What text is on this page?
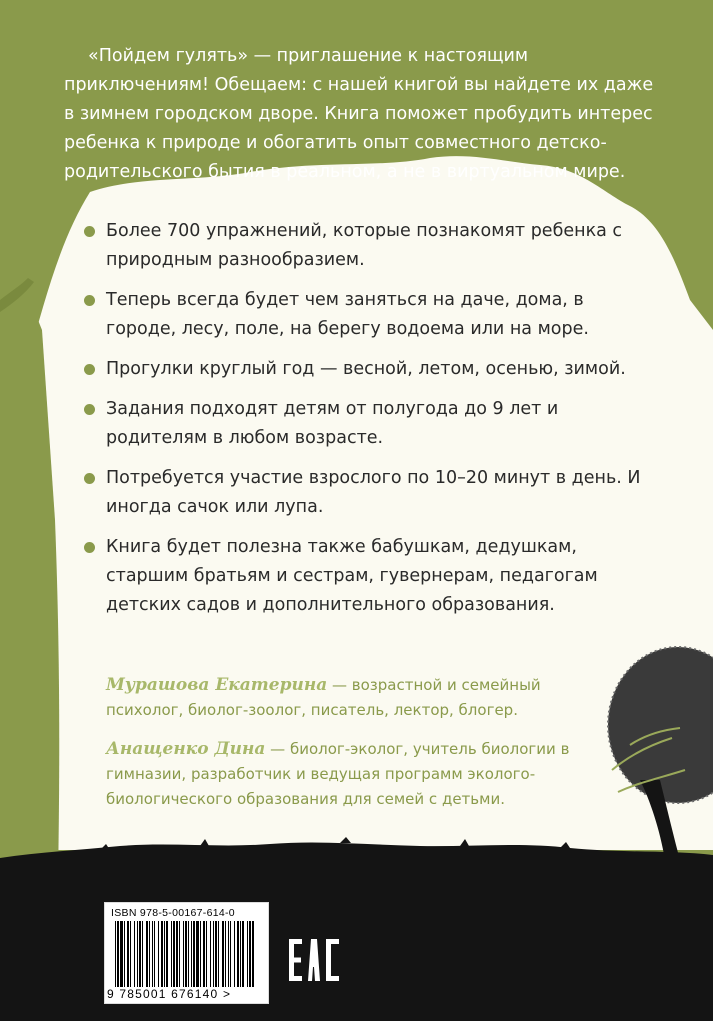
«Пойдем гулять» — приглашение к настоящим приключениям! Обещаем: с нашей книгой вы найдете их даже в зимнем городском дворе. Книга поможет пробудить интерес ребенка к природе и обогатить опыт совместного детско-родительского бытия в реальном, а не в виртуальном мире.

Более 700 упражнений, которые познакомят ребенка с природным разнообразием.
Теперь всегда будет чем заняться на даче, дома, в городе, лесу, поле, на берегу водоема или на море.
Прогулки круглый год — весной, летом, осенью, зимой.
Задания подходят детям от полугода до 9 лет и родителям в любом возрасте.
Потребуется участие взрослого по 10–20 минут в день. И иногда сачок или лупа.
Книга будет полезна также бабушкам, дедушкам, старшим братьям и сестрам, гувернерам, педагогам детских садов и дополнительного образования.

Мурашова Екатерина — возрастной и семейный психолог, биолог-зоолог, писатель, лектор, блогер.

Анащенко Дина — биолог-эколог, учитель биологии в гимназии, разработчик и ведущая программ эколого-биологического образования для семей с детьми.

ISBN 978-5-00167-614-0
9 785001 676140 >
